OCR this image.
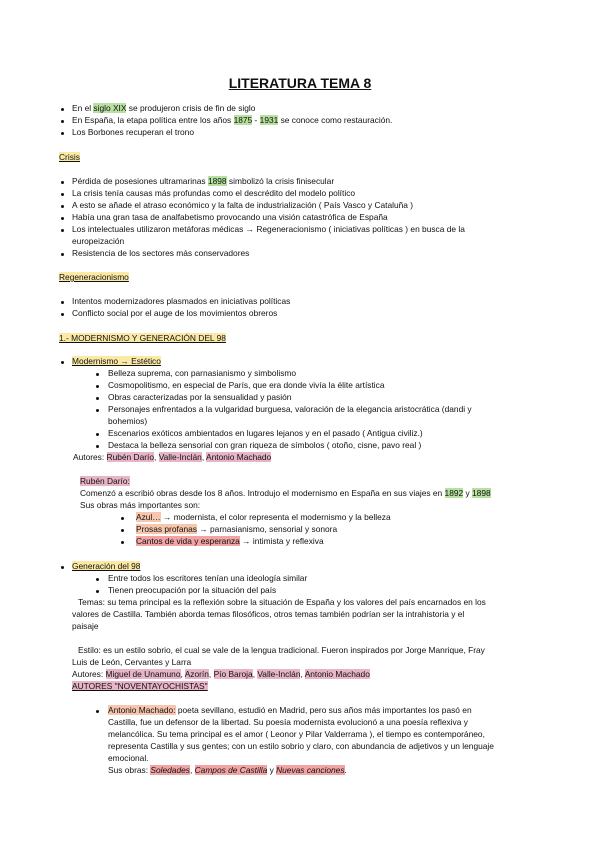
LITERATURA TEMA 8
En el siglo XIX se produjeron crisis de fin de siglo
En España, la etapa política entre los años 1875 - 1931 se conoce como restauración.
Los Borbones recuperan el trono
Crisis
Pérdida de posesiones ultramarinas 1898 simbolizó la crisis finisecular
La crisis tenía causas más profundas como el descrédito del modelo político
A esto se añade el atraso económico y la falta de industrialización ( País Vasco y Cataluña )
Había una gran tasa de analfabetismo provocando una visión catastrófica de España
Los intelectuales utilizaron metáforas médicas → Regeneracionismo ( iniciativas políticas ) en busca de la
europeización
Resistencia de los sectores más conservadores
Regeneracionismo
Intentos modernizadores plasmados en iniciativas políticas
Conflicto social por el auge de los movimientos obreros
1.- MODERNISMO Y GENERACIÓN DEL 98
Modernismo → Estético
Belleza suprema, con parnasianismo y simbolismo
Cosmopolitismo, en especial de París, que era donde vivía la élite artística
Obras caracterizadas por la sensualidad y pasión
Personajes enfrentados a la vulgaridad burguesa, valoración de la elegancia aristocrática (dandi y
bohemios)
Escenarios exóticos ambientados en lugares lejanos y en el pasado ( Antigua civiliz.)
Destaca la belleza sensorial con gran riqueza de símbolos ( otoño, cisne, pavo real )
Autores: Rubén Darío, Valle-Inclán, Antonio Machado
Rubén Darío:
Comenzó a escribió obras desde los 8 años. Introdujo el modernismo en España en sus viajes en 1892 y 1898
Sus obras más importantes son:
Azul… → modernista, el color representa el modernismo y la belleza
Prosas profanas → parnasianismo, sensorial y sonora
Cantos de vida y esperanza → intimista y reflexiva
Generación del 98
Entre todos los escritores tenían una ideología similar
Tienen preocupación por la situación del país
Temas: su tema principal es la reflexión sobre la situación de España y los valores del país encarnados en los
valores de Castilla. También aborda temas filosóficos, otros temas también podrían ser la intrahistoria y el
paisaje
Estilo: es un estilo sobrio, el cual se vale de la lengua tradicional. Fueron inspirados por Jorge Manrique, Fray
Luis de León, Cervantes y Larra
Autores: Miguel de Unamuno, Azorín, Pío Baroja, Valle-Inclán, Antonio Machado
AUTORES "NOVENTAYOCHISTAS"
Antonio Machado: poeta sevillano, estudió en Madrid, pero sus años más importantes los pasó en
Castilla, fue un defensor de la libertad. Su poesía modernista evolucionó a una poesía reflexiva y
melancólica. Su tema principal es el amor ( Leonor y Pilar Valderrama ), el tiempo es contemporáneo,
representa Castilla y sus gentes; con un estilo sobrio y claro, con abundancia de adjetivos y un lenguaje
emocional.
Sus obras: Soledades, Campos de Castilla y Nuevas canciones.
